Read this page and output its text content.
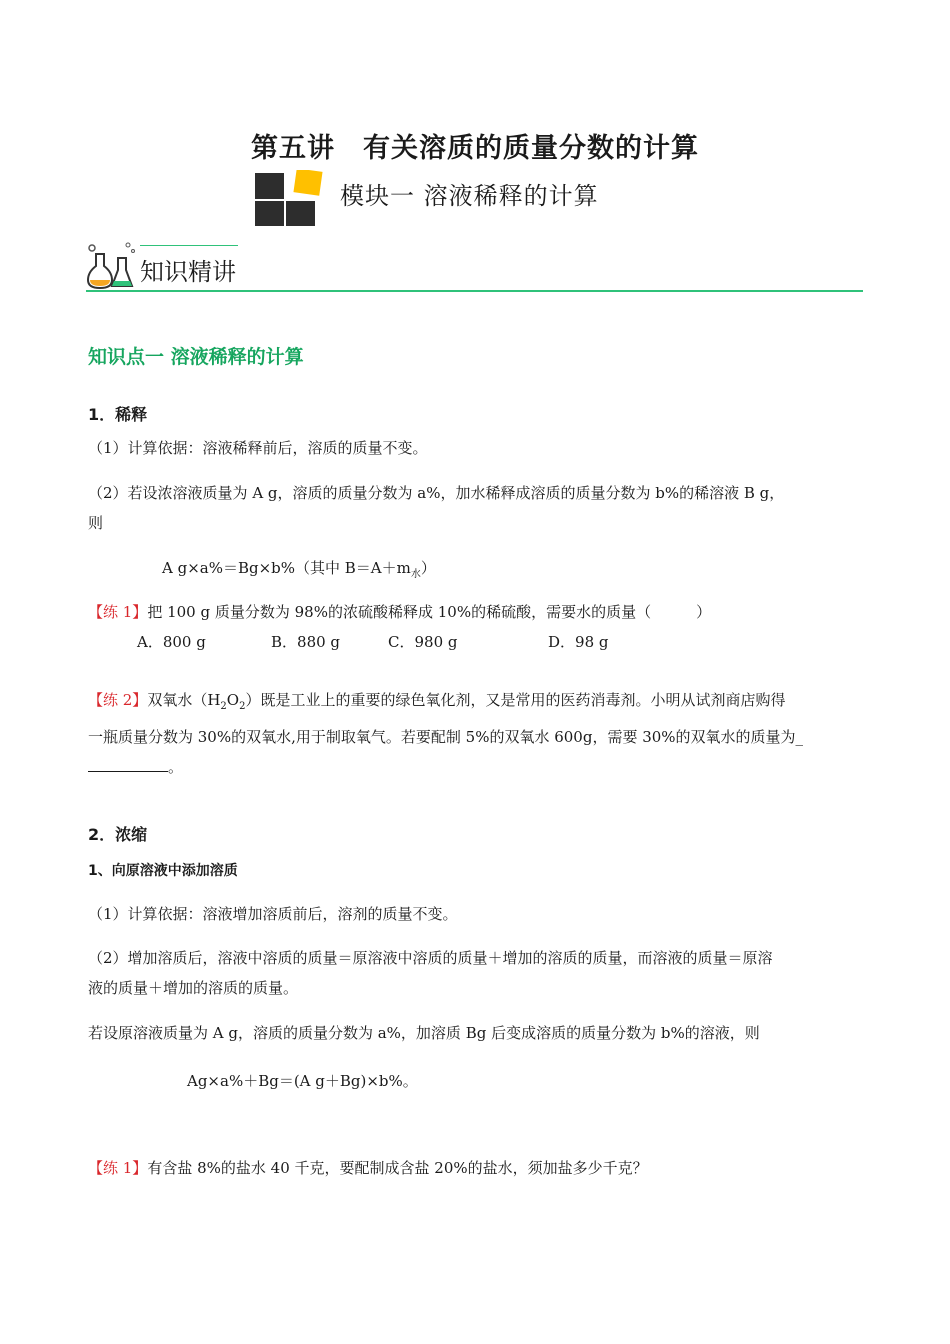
第五讲　有关溶质的质量分数的计算
模块一 溶液稀释的计算
知识精讲
知识点一 溶液稀释的计算
1．稀释
（1）计算依据：溶液稀释前后，溶质的质量不变。
（2）若设浓溶液质量为 A g，溶质的质量分数为 a%，加水稀释成溶质的质量分数为 b%的稀溶液 B g，
则
A g×a%＝Bg×b%（其中 $B=A+m_水$）
【练 1】把 100 g 质量分数为 98%的浓硫酸稀释成 10%的稀硫酸，需要水的质量（　　　）
A．800 g	B．880 g	C．980 g	D．98 g
【练 2】双氧水$(H_2O_2)$既是工业上的重要的绿色氧化剂，又是常用的医药消毒剂。小明从试剂商店购得
一瓶质量分数为 30%的双氧水,用于制取氧气。若要配制 5%的双氧水 600g，需要 30%的双氧水的质量为_
。
2．浓缩
1、向原溶液中添加溶质
（1）计算依据：溶液增加溶质前后，溶剂的质量不变。
（2）增加溶质后，溶液中溶质的质量＝原溶液中溶质的质量＋增加的溶质的质量，而溶液的质量＝原溶
液的质量＋增加的溶质的质量。
若设原溶液质量为 A g，溶质的质量分数为 a%，加溶质 Bg 后变成溶质的质量分数为 b%的溶液，则
Ag×a%＋Bg＝(A g＋Bg)×b%。
【练 1】有含盐 8%的盐水 40 千克，要配制成含盐 20%的盐水，须加盐多少千克？
